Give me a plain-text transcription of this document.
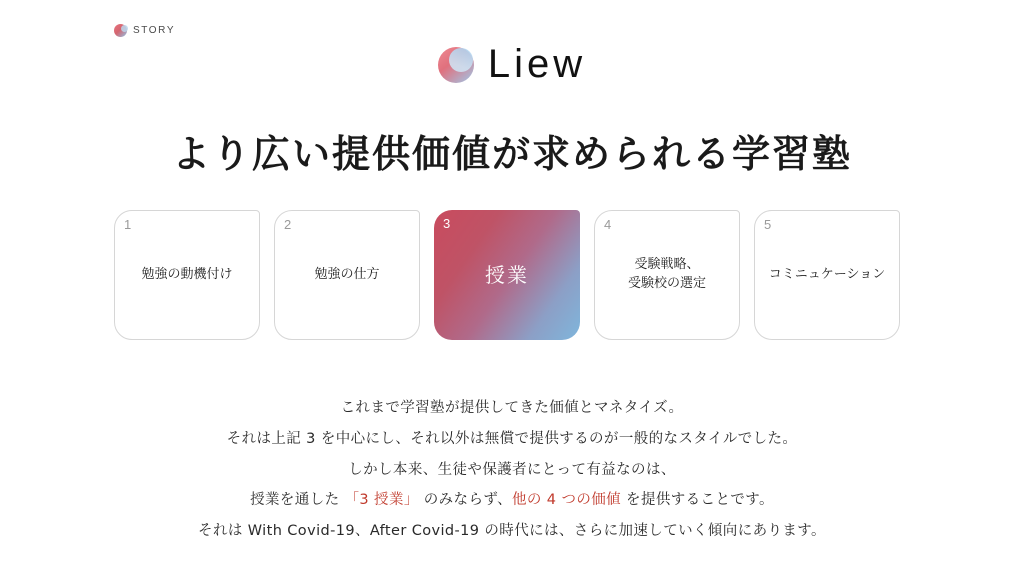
STORY
Liew
より広い提供価値が求められる学習塾
1
勉強の動機付け
2
勉強の仕方
3
授業
4
受験戦略、
受験校の選定
5
コミニュケーション

これまで学習塾が提供してきた価値とマネタイズ。

それは上記 3 を中心にし、それ以外は無償で提供するのが一般的なスタイルでした。

しかし本来、生徒や保護者にとって有益なのは、

授業を通した 「3 授業」 のみならず、他の 4 つの価値 を提供することです。

それは With Covid-19、After Covid-19 の時代には、さらに加速していく傾向にあります。
